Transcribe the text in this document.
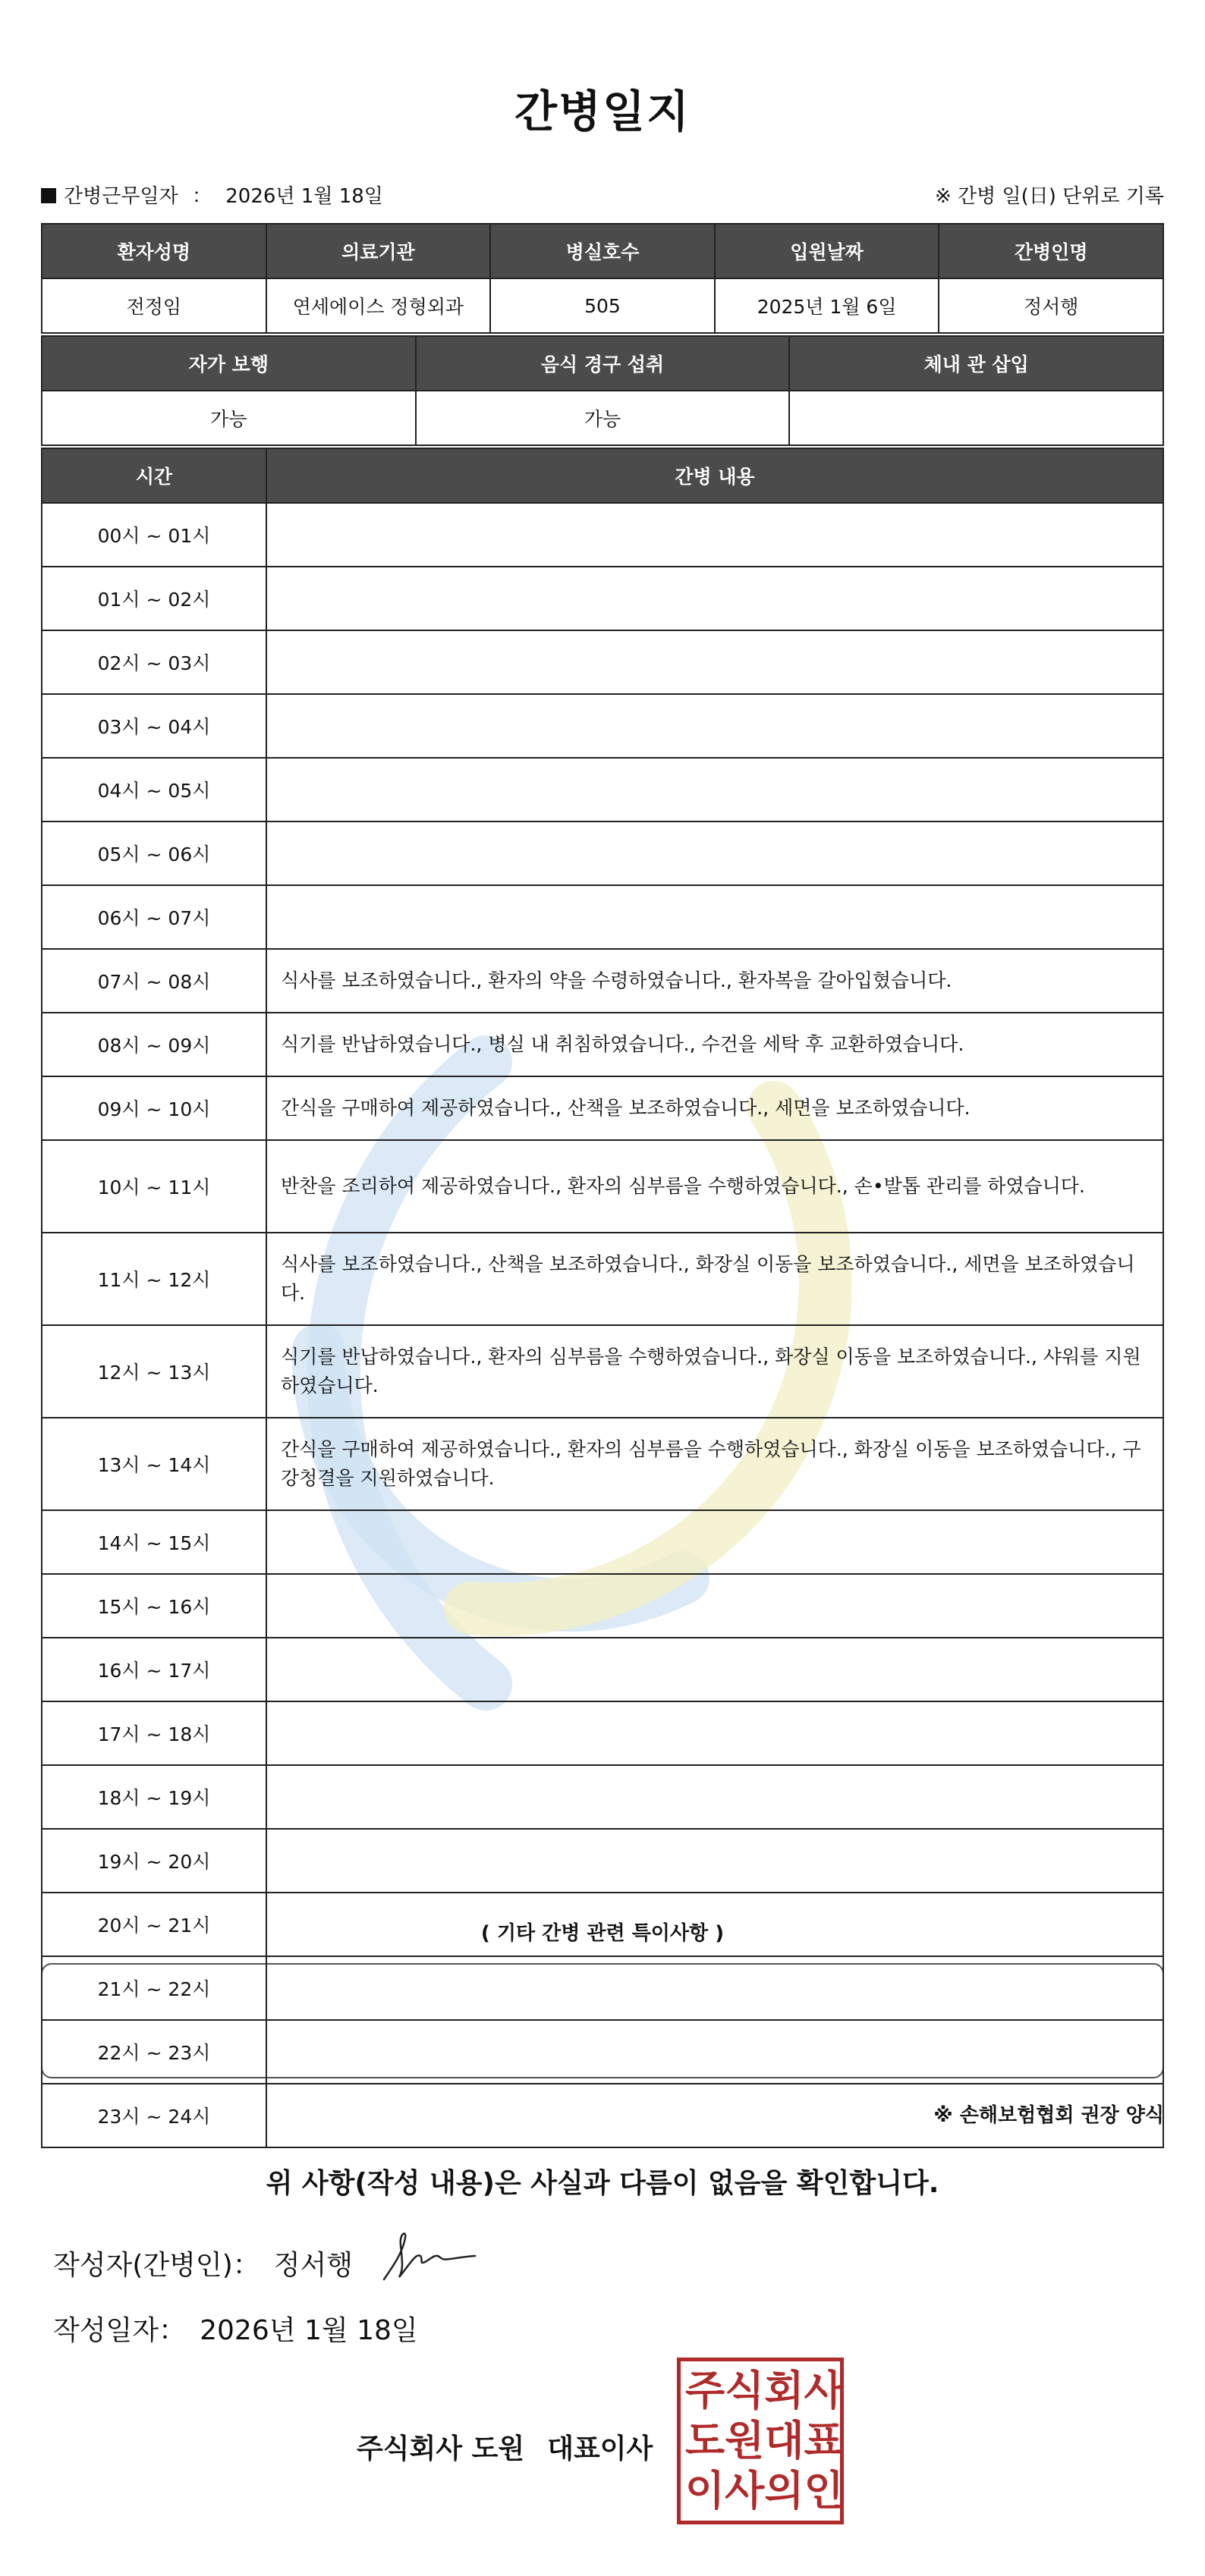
간병일지
간병근무일자 ： 2026년 1월 18일	※ 간병 일(日) 단위로 기록
환자성명	의료기관	병실호수	입원날짜	간병인명
전정임	연세에이스 정형외과	505	2025년 1월 6일	정서행
자가 보행	음식 경구 섭취	체내 관 삽입
가능	가능	
시간	간병 내용
00시 ~ 01시	
01시 ~ 02시	
02시 ~ 03시	
03시 ~ 04시	
04시 ~ 05시	
05시 ~ 06시	
06시 ~ 07시	
07시 ~ 08시	식사를 보조하였습니다., 환자의 약을 수령하였습니다., 환자복을 갈아입혔습니다.
08시 ~ 09시	식기를 반납하였습니다., 병실 내 취침하였습니다., 수건을 세탁 후 교환하였습니다.
09시 ~ 10시	간식을 구매하여 제공하였습니다., 산책을 보조하였습니다., 세면을 보조하였습니다.
10시 ~ 11시	반찬을 조리하여 제공하였습니다., 환자의 심부름을 수행하였습니다., 손•발톱 관리를 하였습니다.
11시 ~ 12시	식사를 보조하였습니다., 산책을 보조하였습니다., 화장실 이동을 보조하였습니다., 세면을 보조하였습니다.
12시 ~ 13시	식기를 반납하였습니다., 환자의 심부름을 수행하였습니다., 화장실 이동을 보조하였습니다., 샤워를 지원하였습니다.
13시 ~ 14시	간식을 구매하여 제공하였습니다., 환자의 심부름을 수행하였습니다., 화장실 이동을 보조하였습니다., 구강청결을 지원하였습니다.
14시 ~ 15시	
15시 ~ 16시	
16시 ~ 17시	
17시 ~ 18시	
18시 ~ 19시	
19시 ~ 20시	
20시 ~ 21시	
21시 ~ 22시	
22시 ~ 23시	
23시 ~ 24시	
( 기타 간병 관련 특이사항 )
※ 손해보험협회 권장 양식
위 사항(작성 내용)은 사실과 다름이 없음을 확인합니다.
작성자(간병인)： 정서행
작성일자： 2026년 1월 18일
주식회사 도원 대표이사
주 식 회 사
도 원 대 표
이 사 의 인
